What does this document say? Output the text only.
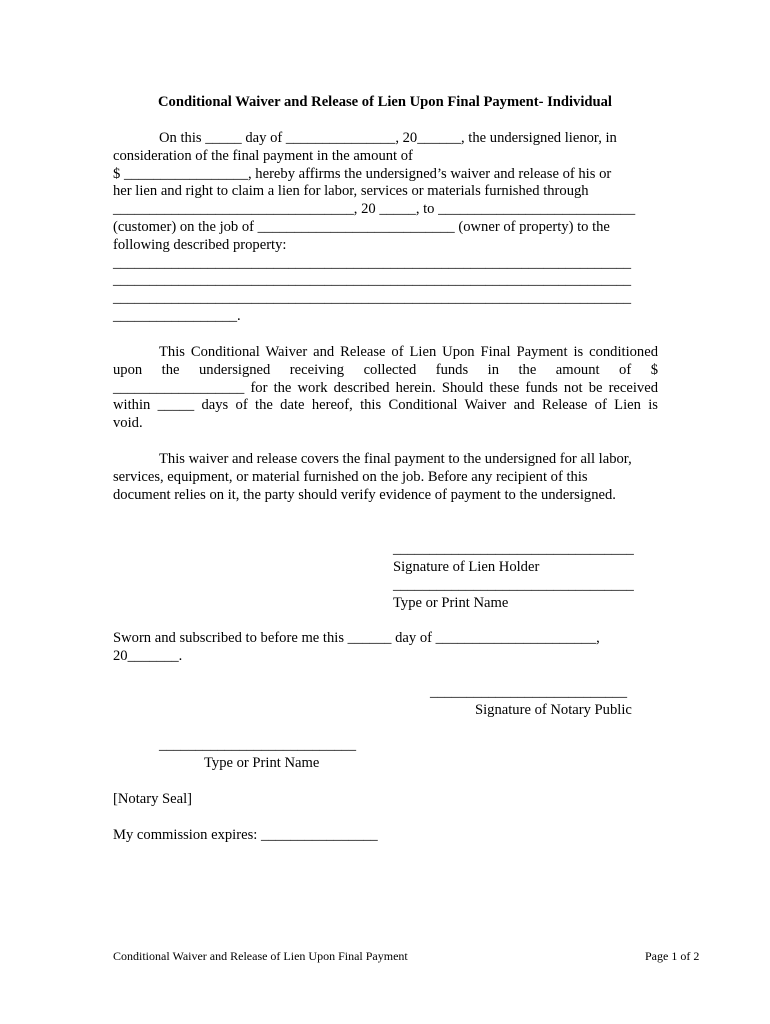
Conditional Waiver and Release of Lien Upon Final Payment- Individual
On this _____ day of _______________, 20______, the undersigned lienor, in
consideration of the final payment in the amount of
$ _________________, hereby affirms the undersigned’s waiver and release of his or
her lien and right to claim a lien for labor, services or materials furnished through
_________________________________, 20 _____, to ___________________________
(customer) on the job of ___________________________ (owner of property) to the
following described property:
_______________________________________________________________________
_______________________________________________________________________
_______________________________________________________________________
_________________.
This Conditional Waiver and Release of Lien Upon Final Payment is conditioned
upon the undersigned receiving collected funds in the amount of $
__________________ for the work described herein. Should these funds not be received
within _____ days of the date hereof, this Conditional Waiver and Release of Lien is
void.
This waiver and release covers the final payment to the undersigned for all labor,
services, equipment, or material furnished on the job. Before any recipient of this
document relies on it, the party should verify evidence of payment to the undersigned.
_________________________________
Signature of Lien Holder
_________________________________
Type or Print Name
Sworn and subscribed to before me this ______ day of ______________________,
20_______.
___________________________
Signature of Notary Public
___________________________
Type or Print Name
[Notary Seal]
My commission expires: ________________
Conditional Waiver and Release of Lien Upon Final Payment	Page 1 of 2
